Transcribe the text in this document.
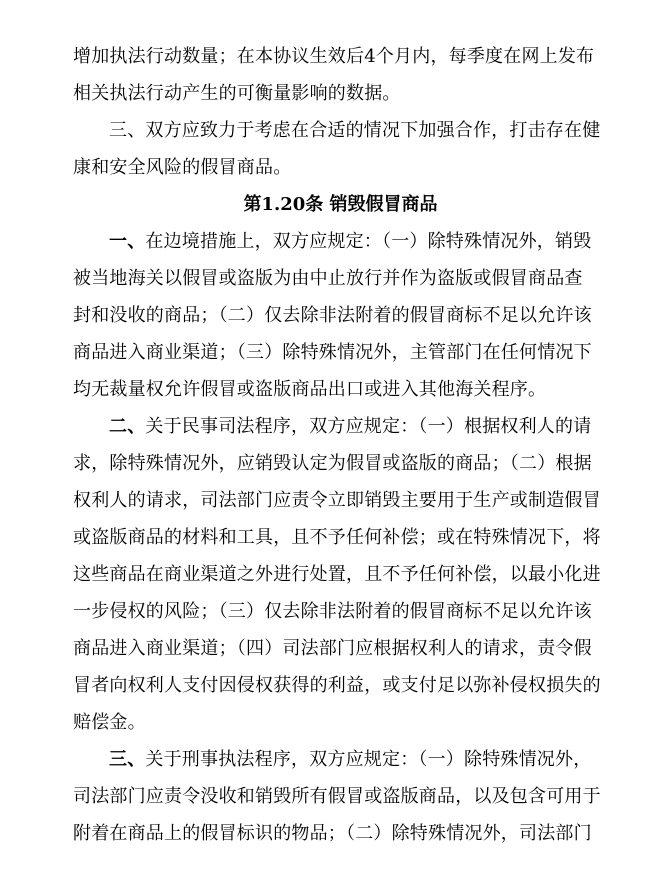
增加执法行动数量；在本协议生效后4个月内，每季度在网上发布
相关执法行动产生的可衡量影响的数据。
三、双方应致力于考虑在合适的情况下加强合作，打击存在健
康和安全风险的假冒商品。
第1.20条 销毁假冒商品
一、在边境措施上，双方应规定：（一）除特殊情况外，销毁
被当地海关以假冒或盗版为由中止放行并作为盗版或假冒商品查
封和没收的商品；（二）仅去除非法附着的假冒商标不足以允许该
商品进入商业渠道；（三）除特殊情况外，主管部门在任何情况下
均无裁量权允许假冒或盗版商品出口或进入其他海关程序。
二、关于民事司法程序，双方应规定：（一）根据权利人的请
求，除特殊情况外，应销毁认定为假冒或盗版的商品；（二）根据
权利人的请求，司法部门应责令立即销毁主要用于生产或制造假冒
或盗版商品的材料和工具，且不予任何补偿；或在特殊情况下，将
这些商品在商业渠道之外进行处置，且不予任何补偿，以最小化进
一步侵权的风险；（三）仅去除非法附着的假冒商标不足以允许该
商品进入商业渠道；（四）司法部门应根据权利人的请求，责令假
冒者向权利人支付因侵权获得的利益，或支付足以弥补侵权损失的
赔偿金。
三、关于刑事执法程序，双方应规定：（一）除特殊情况外，
司法部门应责令没收和销毁所有假冒或盗版商品，以及包含可用于
附着在商品上的假冒标识的物品；（二）除特殊情况外，司法部门
